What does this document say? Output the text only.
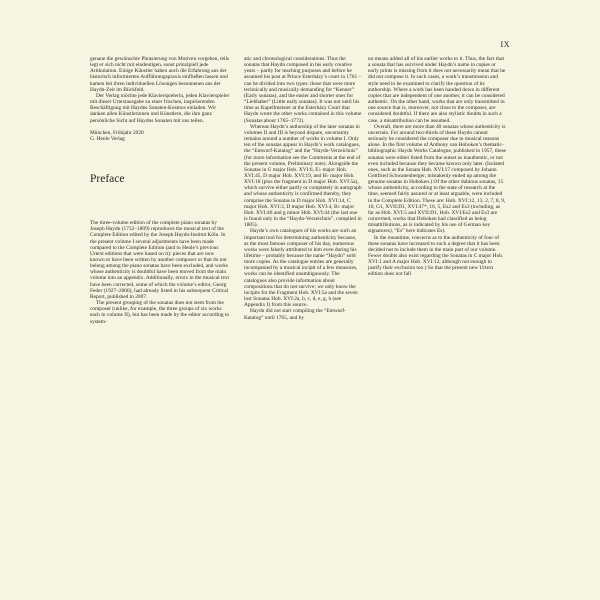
IX

genaue die gewünschte Phrasierung von Motiven vorgeben, teils legt er sich nicht mit eindeutigen, sonst prinzipiell jede Artikulation. Einige Künstler haben auch die Erfahrung aus der historisch informierten Aufführungspraxis einfließen lassen und kamen bei ihren individuellen Lösungen besonnenen aus der Haydn-Zeit im Blickfeld.

Der Verlag möchte jede Klavierspielerin, jeden Klavierspieler mit dieser Urtextausgabe zu einer frischen, inspirierenden Beschäftigung mit Haydns Sonaten-Kosmos einladen. Wir danken allen Künstlerinnen und Künstlern, die ihre ganz persönliche Sicht auf Haydns Sonaten mit uns teilen.

München, Frühjahr 2020
G. Henle Verlag

Preface

The three-volume edition of the complete piano sonatas by Joseph Haydn (1732–1809) reproduces the musical text of the Complete Edition edited by the Joseph Haydn-Institut Köln. In the present volume I several adjustments have been made compared to the Complete Edition (and to Henle’s previous Urtext editions that were based on it): pieces that are now known to have been written by another composer or that do not belong among the piano sonatas have been excluded, and works whose authenticity is doubtful have been moved from the main volume into an appendix. Additionally, errors in the musical text have been corrected, some of which the volume’s editor, Georg Feder (1927–2006), had already listed in his subsequent Critical Report, published in 2007.

The present grouping of the sonatas does not stem from the composer (unlike, for example, the three groups of six works each in volume II), but has been made by the editor according to system-

atic and chronological considerations. Thus the sonatas that Haydn composed in his early creative years – partly for teaching purposes and before he assumed his post at Prince Esterházy’s court in 1761 – can be divided into two types: those that were more technically and musically demanding for “Kenner” (Early sonatas), and the easier and shorter ones for “Liebhaber” (Little early sonatas). It was not until his time as Kapellmeister at the Esterházy Court that Haydn wrote the other works contained in this volume (Sonatas about 1765–1772).

Whereas Haydn’s authorship of the later sonatas in volumes II and III is beyond dispute, uncertainty remains around a number of works in volume I. Only ten of the sonatas appear in Haydn’s work catalogues, the “Entwurf-Katalog” and the “Haydn-Verzeichnis” (for more information see the Comments at the end of the present volume, Preliminary note). Alongside the Sonatas in G major Hob. XVI:6, E♭ major Hob. XVI:45, D major Hob. XVI:19, and B♭ major Hob. XVI:18 (plus the fragment in D major Hob. XVI:5a), which survive either partly or completely in autograph and whose authenticity is confirmed thereby, they comprise the Sonatas in D major Hob. XVI:14, C major Hob. XVI:3, D major Hob. XVI:4, B♭ major Hob. XVI:46 and g minor Hob. XVI:44 (the last one is found only in the “Haydn-Verzeichnis”, compiled in 1805).

Haydn’s own catalogues of his works are such an important tool for determining authenticity because, as the most famous composer of his day, numerous works were falsely attributed to him even during his lifetime – probably because the name “Haydn” sold more copies. As the catalogue entries are generally incompanied by a musical incipit of a few measures, works can be identified unambiguously. The catalogues also provide information about compositions that do not survive; we only know the incipits for the Fragment Hob. XVI:5a and the seven lost Sonatas Hob. XVI:2a, b, c, d, e, g, h (see Appendix I) from this source.

Haydn did not start compiling the “Entwurf-Katalog” until 1765, and by

no means added all of his earlier works to it. Thus, the fact that a sonata that has survived under Haydn’s name in copies or early prints is missing from it does not necessarily mean that he did not compose it. In such cases, a work’s transmission and style need to be examined to clarify the question of its authorship. Where a work has been handed down in different copies that are independent of one another, it can be considered authentic. On the other hand, works that are only transmitted in one source that is, moreover, not close to the composer, are considered doubtful. If there are also stylistic doubts in such a case, a misattribution can be assumed.

Overall, there are more than 40 sonatas whose authenticity is uncertain. For around two-thirds of these Haydn cannot seriously be considered the composer due to musical reasons alone. In the first volume of Anthony van Hoboken’s thematic-bibliographic Haydn Works Catalogue, published in 1957, these sonatas were either listed from the outset as inauthentic, or not even included because they became known only later. (Isolated ones, such as the Sonata Hob. XVI:17 composed by Johann Gottfried Schwanenberger, mistakenly ended up among the genuine sonatas in Hoboken.) Of the other dubious sonatas, 15 whose authenticity, according to the state of research at the time, seemed fairly assured or at least arguable, were included in the Complete Edition. These are: Hob. XVI:12, 13, 2, 7, 8, 9, 10, G1, XVII:D1, XVI:47*, 16, 5, Es2 and Es3 (including, as far as Hob. XVI:5 and XVII:D1, Hob. XVI:Es2 and Es3 are concerned, works that Hoboken had classified as being misattributions, as is indicated by his use of German key signatures), “Es” here indicates Es).

In the meantime, concerns as to the authenticity of four of these sonatas have increased to such a degree that it has been decided not to include them in the main part of our volume. Fewer doubts also exist regarding the Sonatas in C major Hob. XVI:1 and A major Hob. XVI:12, although not enough to justify their exclusion too.) So that the present new Urtext edition does not fall
